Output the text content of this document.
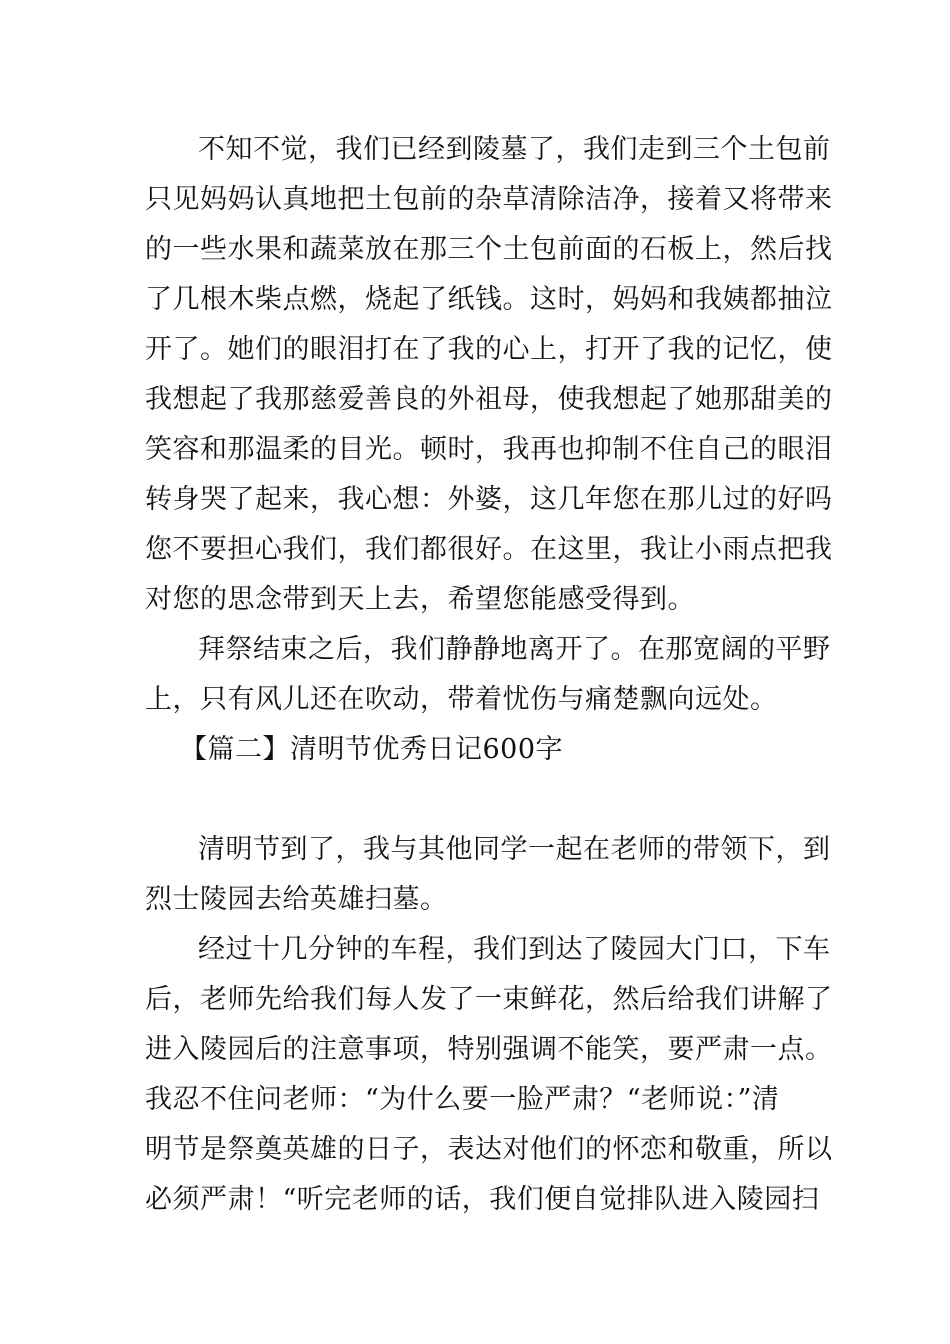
不知不觉，我们已经到陵墓了，我们走到三个土包前
只见妈妈认真地把土包前的杂草清除洁净，接着又将带来
的一些水果和蔬菜放在那三个土包前面的石板上，然后找
了几根木柴点燃，烧起了纸钱。这时，妈妈和我姨都抽泣
开了。她们的眼泪打在了我的心上，打开了我的记忆，使
我想起了我那慈爱善良的外祖母，使我想起了她那甜美的
笑容和那温柔的目光。顿时，我再也抑制不住自己的眼泪
转身哭了起来，我心想：外婆，这几年您在那儿过的好吗
您不要担心我们，我们都很好。在这里，我让小雨点把我
对您的思念带到天上去，希望您能感受得到。
拜祭结束之后，我们静静地离开了。在那宽阔的平野
上，只有风儿还在吹动，带着忧伤与痛楚飘向远处。
【篇二】清明节优秀日记600字
清明节到了，我与其他同学一起在老师的带领下，到
烈士陵园去给英雄扫墓。
经过十几分钟的车程，我们到达了陵园大门口，下车
后，老师先给我们每人发了一束鲜花，然后给我们讲解了
进入陵园后的注意事项，特别强调不能笑，要严肃一点。
我忍不住问老师：“为什么要一脸严肃？“老师说：”清
明节是祭奠英雄的日子，表达对他们的怀恋和敬重，所以
必须严肃！“听完老师的话，我们便自觉排队进入陵园扫
